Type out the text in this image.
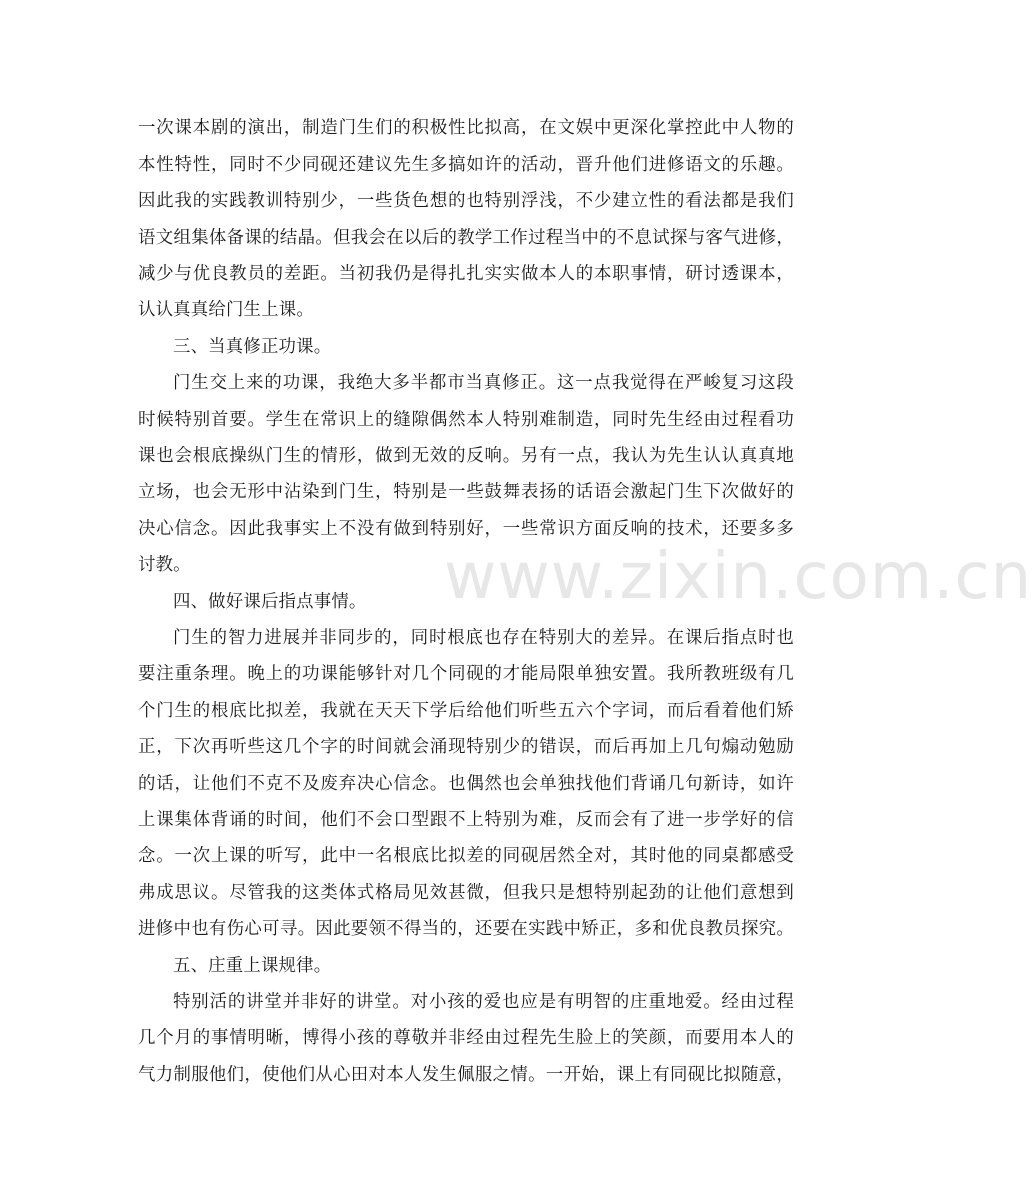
www.zixin.com.cn
一次课本剧的演出，制造门生们的积极性比拟高，在文娱中更深化掌控此中人物的
本性特性，同时不少同砚还建议先生多搞如许的活动，晋升他们进修语文的乐趣。
因此我的实践教训特别少，一些货色想的也特别浮浅，不少建立性的看法都是我们
语文组集体备课的结晶。但我会在以后的教学工作过程当中的不息试探与客气进修，
减少与优良教员的差距。当初我仍是得扎扎实实做本人的本职事情，研讨透课本，
认认真真给门生上课。
三、当真修正功课。
门生交上来的功课，我绝大多半都市当真修正。这一点我觉得在严峻复习这段
时候特别首要。学生在常识上的缝隙偶然本人特别难制造，同时先生经由过程看功
课也会根底操纵门生的情形，做到无效的反响。另有一点，我认为先生认认真真地
立场，也会无形中沾染到门生，特别是一些鼓舞表扬的话语会激起门生下次做好的
决心信念。因此我事实上不没有做到特别好，一些常识方面反响的技术，还要多多
讨教。
四、做好课后指点事情。
门生的智力进展并非同步的，同时根底也存在特别大的差异。在课后指点时也
要注重条理。晚上的功课能够针对几个同砚的才能局限单独安置。我所教班级有几
个门生的根底比拟差，我就在天天下学后给他们听些五六个字词，而后看着他们矫
正，下次再听些这几个字的时间就会涌现特别少的错误，而后再加上几句煽动勉励
的话，让他们不克不及废弃决心信念。也偶然也会单独找他们背诵几句新诗，如许
上课集体背诵的时间，他们不会口型跟不上特别为难，反而会有了进一步学好的信
念。一次上课的听写，此中一名根底比拟差的同砚居然全对，其时他的同桌都感受
弗成思议。尽管我的这类体式格局见效甚微，但我只是想特别起劲的让他们意想到
进修中也有伤心可寻。因此要领不得当的，还要在实践中矫正，多和优良教员探究。
五、庄重上课规律。
特别活的讲堂并非好的讲堂。对小孩的爱也应是有明智的庄重地爱。经由过程
几个月的事情明晰，博得小孩的尊敬并非经由过程先生脸上的笑颜，而要用本人的
气力制服他们，使他们从心田对本人发生佩服之情。一开始，课上有同砚比拟随意，
